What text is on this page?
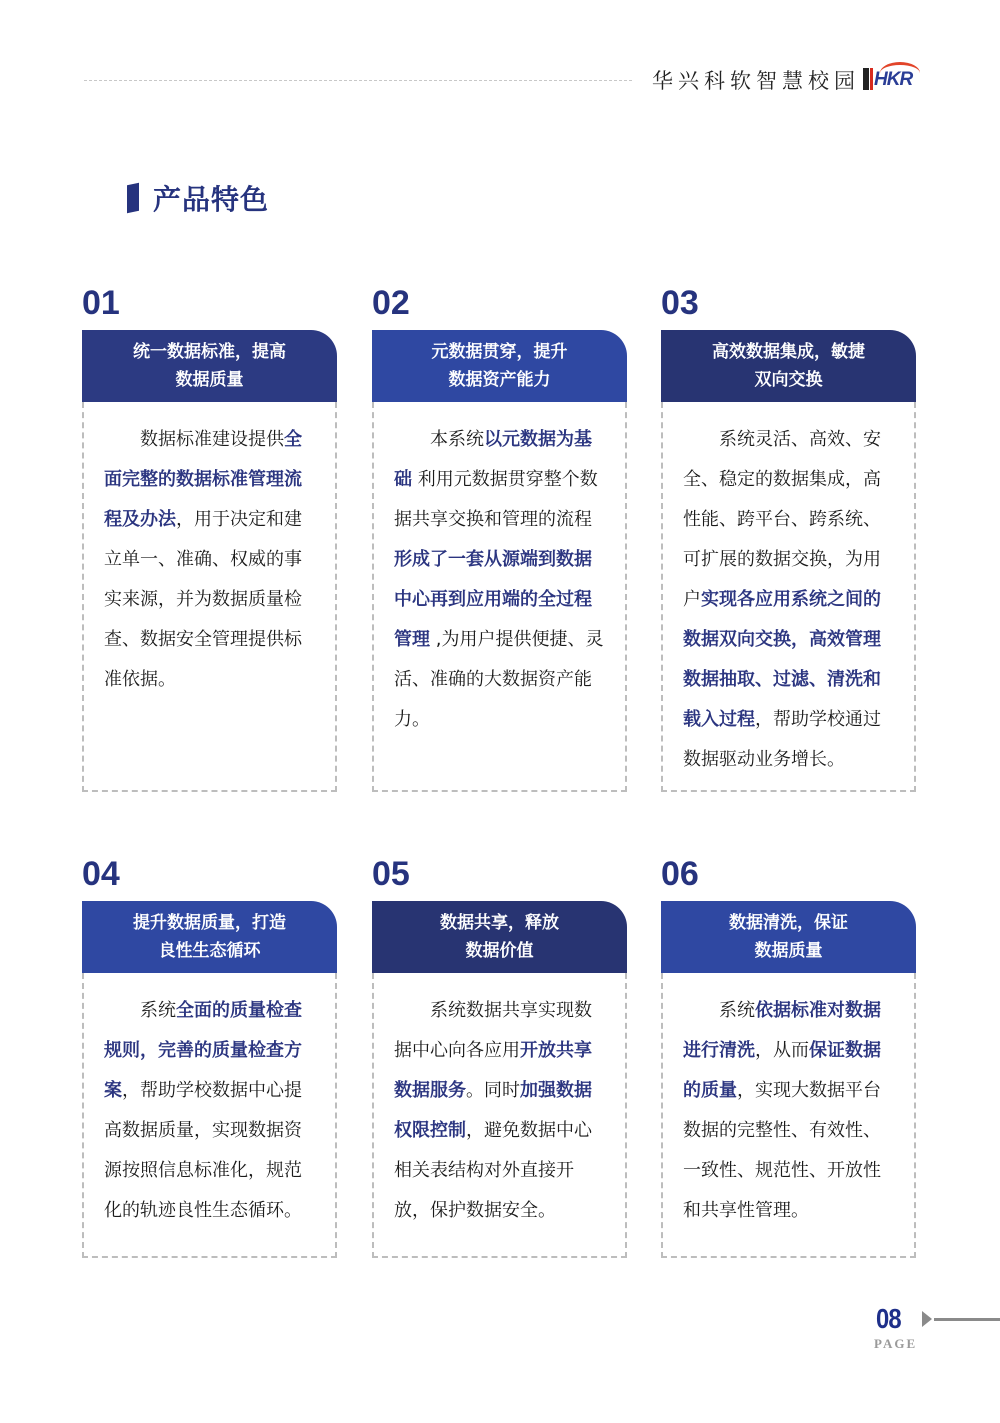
华兴科软智慧校园 HKR
产品特色
01
统一数据标准，提高
数据质量

数据标准建设提供全面完整的数据标准管理流程及办法，用于决定和建立单一、准确、权威的事实来源，并为数据质量检查、数据安全管理提供标准依据。

02
元数据贯穿，提升
数据资产能力

本系统以元数据为基础 利用元数据贯穿整个数据共享交换和管理的流程 形成了一套从源端到数据中心再到应用端的全过程管理 ,为用户提供便捷、灵活、准确的大数据资产能力。

03
高效数据集成，敏捷
双向交换

系统灵活、高效、安全、稳定的数据集成，高性能、跨平台、跨系统、可扩展的数据交换，为用户实现各应用系统之间的数据双向交换，高效管理数据抽取、过滤、清洗和载入过程，帮助学校通过数据驱动业务增长。

04
提升数据质量，打造
良性生态循环

系统全面的质量检查规则，完善的质量检查方案，帮助学校数据中心提高数据质量，实现数据资源按照信息标准化，规范化的轨迹良性生态循环。

05
数据共享，释放
数据价值

系统数据共享实现数据中心向各应用开放共享数据服务。同时加强数据权限控制，避免数据中心相关表结构对外直接开放，保护数据安全。

06
数据清洗，保证
数据质量

系统依据标准对数据进行清洗，从而保证数据的质量，实现大数据平台数据的完整性、有效性、一致性、规范性、开放性和共享性管理。

08
PAGE
